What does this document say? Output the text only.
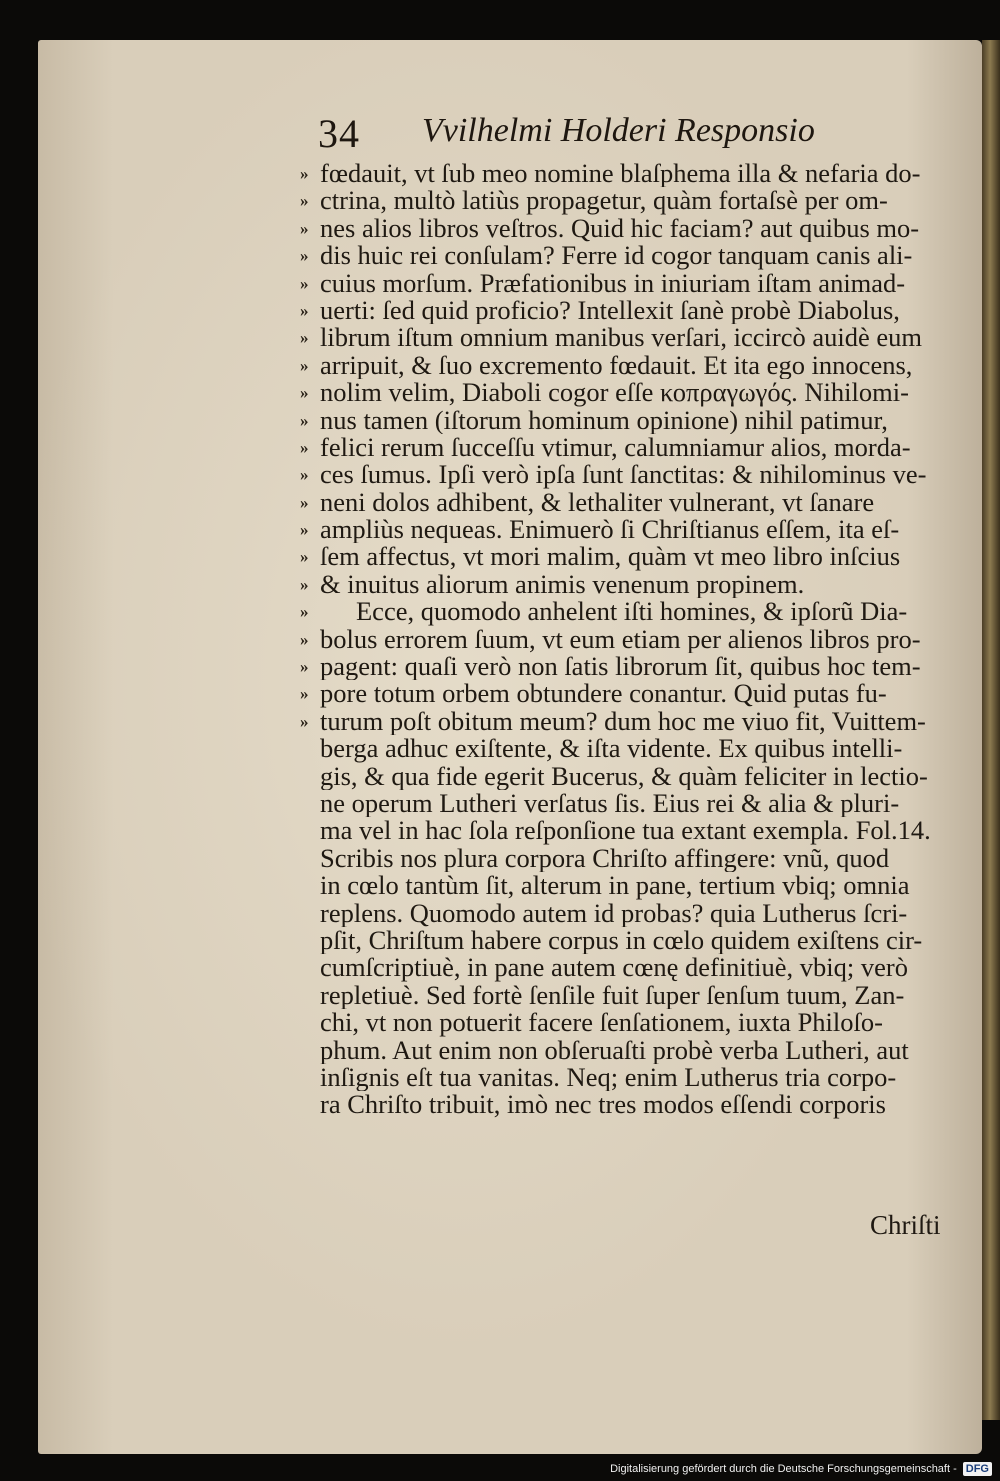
34 Vvilhelmi Holderi Responsio
» fœdauit, vt ſub meo nomine blaſphema illa & nefaria do-
» ctrina, multò latiùs propagetur, quàm fortaſsè per om-
» nes alios libros veſtros. Quid hic faciam? aut quibus mo-
» dis huic rei conſulam? Ferre id cogor tanquam canis ali-
» cuius morſum. Præfationibus in iniuriam iſtam animad-
» uerti: ſed quid proficio? Intellexit ſanè probè Diabolus,
» librum iſtum omnium manibus verſari, iccircò auidè eum
» arripuit, & ſuo excremento fœdauit. Et ita ego innocens,
» nolim velim, Diaboli cogor eſſe κοπραγωγός. Nihilomi-
» nus tamen (iſtorum hominum opinione) nihil patimur,
» felici rerum ſucceſſu vtimur, calumniamur alios, morda-
» ces ſumus. Ipſi verò ipſa ſunt ſanctitas: & nihilominus ve-
» neni dolos adhibent, & lethaliter vulnerant, vt ſanare
» ampliùs nequeas. Enimuerò ſi Chriſtianus eſſem, ita eſ-
» ſem affectus, vt mori malim, quàm vt meo libro inſcius
» & inuitus aliorum animis venenum propinem.
» Ecce, quomodo anhelent iſti homines, & ipſorũ Dia-
» bolus errorem ſuum, vt eum etiam per alienos libros pro-
» pagent: quaſi verò non ſatis librorum ſit, quibus hoc tem-
» pore totum orbem obtundere conantur. Quid putas fu-
» turum poſt obitum meum? dum hoc me viuo fit, Vuittem-
berga adhuc exiſtente, & iſta vidente. Ex quibus intelli-
gis, & qua fide egerit Bucerus, & quàm feliciter in lectio-
ne operum Lutheri verſatus ſis. Eius rei & alia & pluri-
ma vel in hac ſola reſponſione tua extant exempla. Fol.14.
Scribis nos plura corpora Chriſto affingere: vnũ, quod
in cœlo tantùm ſit, alterum in pane, tertium vbiq; omnia
replens. Quomodo autem id probas? quia Lutherus ſcri-
pſit, Chriſtum habere corpus in cœlo quidem exiſtens cir-
cumſcriptiuè, in pane autem cœnę definitiuè, vbiq; verò
repletiuè. Sed fortè ſenſile fuit ſuper ſenſum tuum, Zan-
chi, vt non potuerit facere ſenſationem, iuxta Philoſo-
phum. Aut enim non obſeruaſti probè verba Lutheri, aut
inſignis eſt tua vanitas. Neq; enim Lutherus tria corpo-
ra Chriſto tribuit, imò nec tres modos eſſendi corporis
Chriſti
Digitalisierung gefördert durch die Deutsche Forschungsgemeinschaft - DFG
